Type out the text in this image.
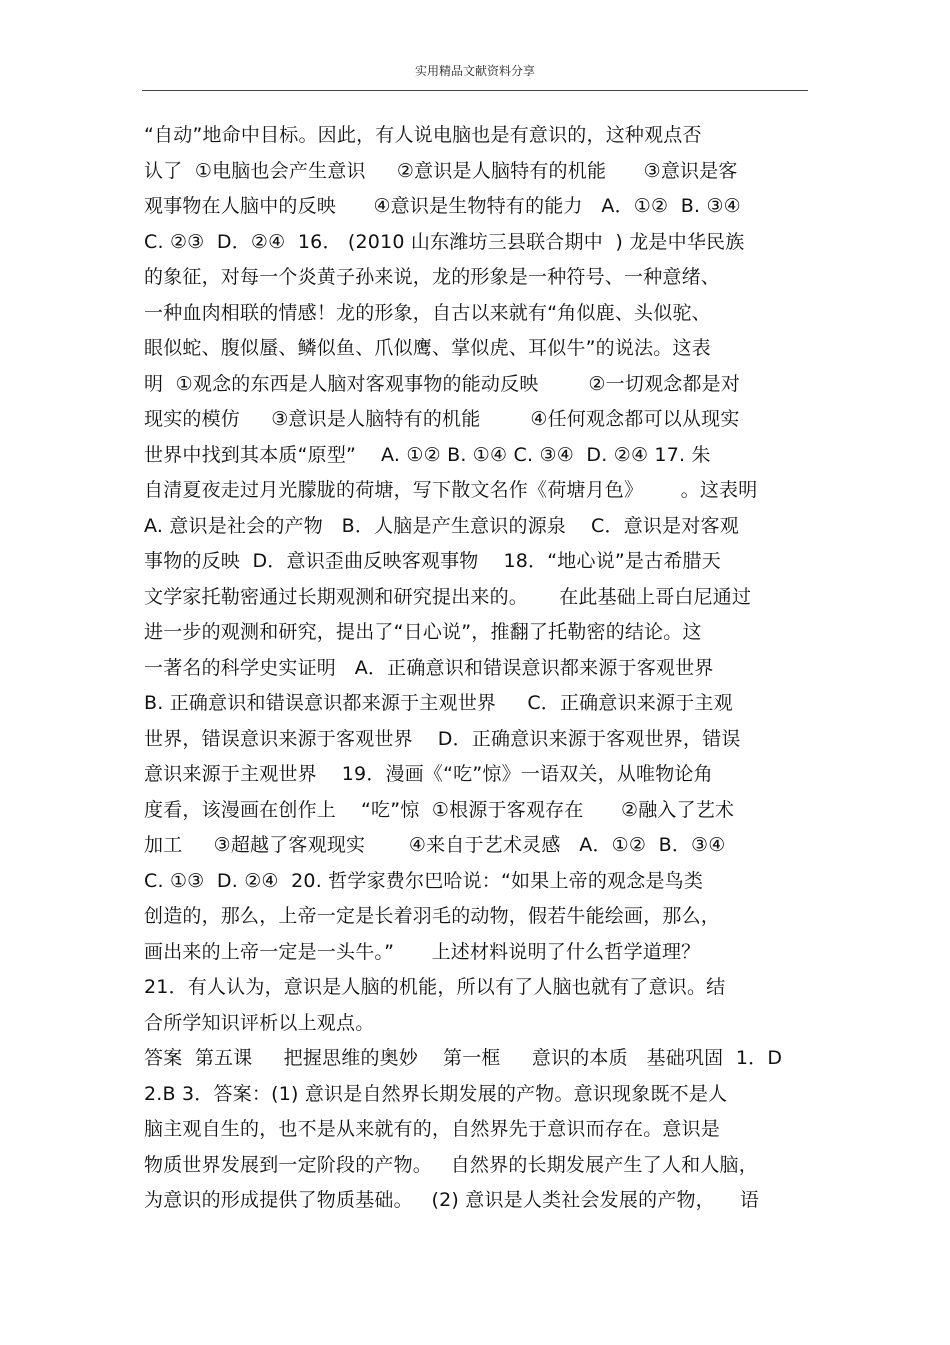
实用精品文献资料分享
“自动”地命中目标。因此，有人说电脑也是有意识的，这种观点否
认了  ①电脑也会产生意识     ②意识是人脑特有的机能      ③意识是客
观事物在人脑中的反映      ④意识是生物特有的能力   A．①②  B. ③④
C. ②③  D．②④  16． (2010 山东潍坊三县联合期中  ) 龙是中华民族
的象征，对每一个炎黄子孙来说，龙的形象是一种符号、一种意绪、
一种血肉相联的情感！龙的形象，自古以来就有“角似鹿、头似驼、
眼似蛇、腹似蜃、鳞似鱼、爪似鹰、掌似虎、耳似牛”的说法。这表
明  ①观念的东西是人脑对客观事物的能动反映        ②一切观念都是对
现实的模仿     ③意识是人脑特有的机能        ④任何观念都可以从现实
世界中找到其本质“原型”    A. ①② B. ①④ C. ③④  D. ②④ 17. 朱
自清夏夜走过月光朦胧的荷塘，写下散文名作《荷塘月色》      。这表明
A. 意识是社会的产物   B．人脑是产生意识的源泉    C．意识是对客观
事物的反映  D．意识歪曲反映客观事物    18．“地心说”是古希腊天
文学家托勒密通过长期观测和研究提出来的。     在此基础上哥白尼通过
进一步的观测和研究，提出了“日心说”，推翻了托勒密的结论。这
一著名的科学史实证明   A．正确意识和错误意识都来源于客观世界
B. 正确意识和错误意识都来源于主观世界     C．正确意识来源于主观
世界，错误意识来源于客观世界    D．正确意识来源于客观世界，错误
意识来源于主观世界    19．漫画《“吃”惊》一语双关，从唯物论角
度看，该漫画在创作上    “吃”惊  ①根源于客观存在      ②融入了艺术
加工     ③超越了客观现实       ④来自于艺术灵感   A．①②  B．③④
C. ①③  D. ②④  20. 哲学家费尔巴哈说：“如果上帝的观念是鸟类
创造的，那么，上帝一定是长着羽毛的动物，假若牛能绘画，那么，
画出来的上帝一定是一头牛。”      上述材料说明了什么哲学道理？
21．有人认为，意识是人脑的机能，所以有了人脑也就有了意识。结
合所学知识评析以上观点。
答案  第五课     把握思维的奥妙    第一框     意识的本质   基础巩固  1．D
2.B 3．答案：(1) 意识是自然界长期发展的产物。意识现象既不是人
脑主观自生的，也不是从来就有的，自然界先于意识而存在。意识是
物质世界发展到一定阶段的产物。   自然界的长期发展产生了人和人脑，
为意识的形成提供了物质基础。   (2) 意识是人类社会发展的产物，    语
